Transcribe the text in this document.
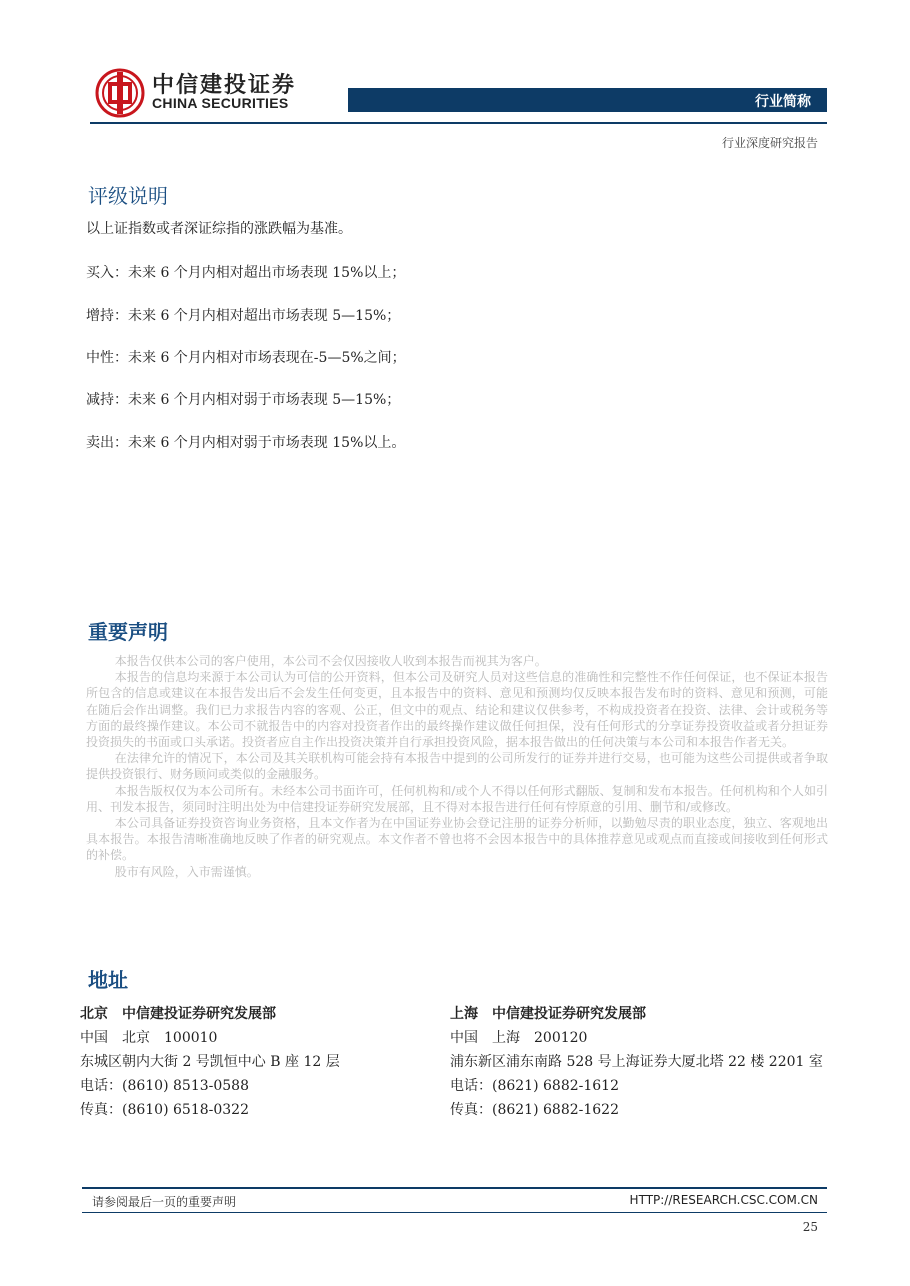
中信建投证券
CHINA SECURITIES	行业简称
行业深度研究报告
评级说明
以上证指数或者深证综指的涨跌幅为基准。
买入：未来 6 个月内相对超出市场表现 15%以上；
增持：未来 6 个月内相对超出市场表现 5—15%；
中性：未来 6 个月内相对市场表现在-5—5%之间；
减持：未来 6 个月内相对弱于市场表现 5—15%；
卖出：未来 6 个月内相对弱于市场表现 15%以上。
重要声明

本报告仅供本公司的客户使用，本公司不会仅因接收人收到本报告而视其为客户。

本报告的信息均来源于本公司认为可信的公开资料，但本公司及研究人员对这些信息的准确性和完整性不作任何保证，也不保证本报告所包含的信息或建议在本报告发出后不会发生任何变更，且本报告中的资料、意见和预测均仅反映本报告发布时的资料、意见和预测，可能在随后会作出调整。我们已力求报告内容的客观、公正，但文中的观点、结论和建议仅供参考，不构成投资者在投资、法律、会计或税务等方面的最终操作建议。本公司不就报告中的内容对投资者作出的最终操作建议做任何担保，没有任何形式的分享证券投资收益或者分担证券投资损失的书面或口头承诺。投资者应自主作出投资决策并自行承担投资风险，据本报告做出的任何决策与本公司和本报告作者无关。

在法律允许的情况下，本公司及其关联机构可能会持有本报告中提到的公司所发行的证券并进行交易，也可能为这些公司提供或者争取提供投资银行、财务顾问或类似的金融服务。

本报告版权仅为本公司所有。未经本公司书面许可，任何机构和/或个人不得以任何形式翻版、复制和发布本报告。任何机构和个人如引用、刊发本报告，须同时注明出处为中信建投证券研究发展部，且不得对本报告进行任何有悖原意的引用、删节和/或修改。

本公司具备证券投资咨询业务资格，且本文作者为在中国证券业协会登记注册的证券分析师，以勤勉尽责的职业态度，独立、客观地出具本报告。本报告清晰准确地反映了作者的研究观点。本文作者不曾也将不会因本报告中的具体推荐意见或观点而直接或间接收到任何形式的补偿。

股市有风险，入市需谨慎。

地址
北京　中信建投证券研究发展部
中国　北京　100010
东城区朝内大街 2 号凯恒中心 B 座 12 层
电话：(8610) 8513-0588
传真：(8610) 6518-0322
上海　中信建投证券研究发展部
中国　上海　200120
浦东新区浦东南路 528 号上海证券大厦北塔 22 楼 2201 室
电话：(8621) 6882-1612
传真：(8621) 6882-1622
请参阅最后一页的重要声明	HTTP://RESEARCH.CSC.COM.CN
25
